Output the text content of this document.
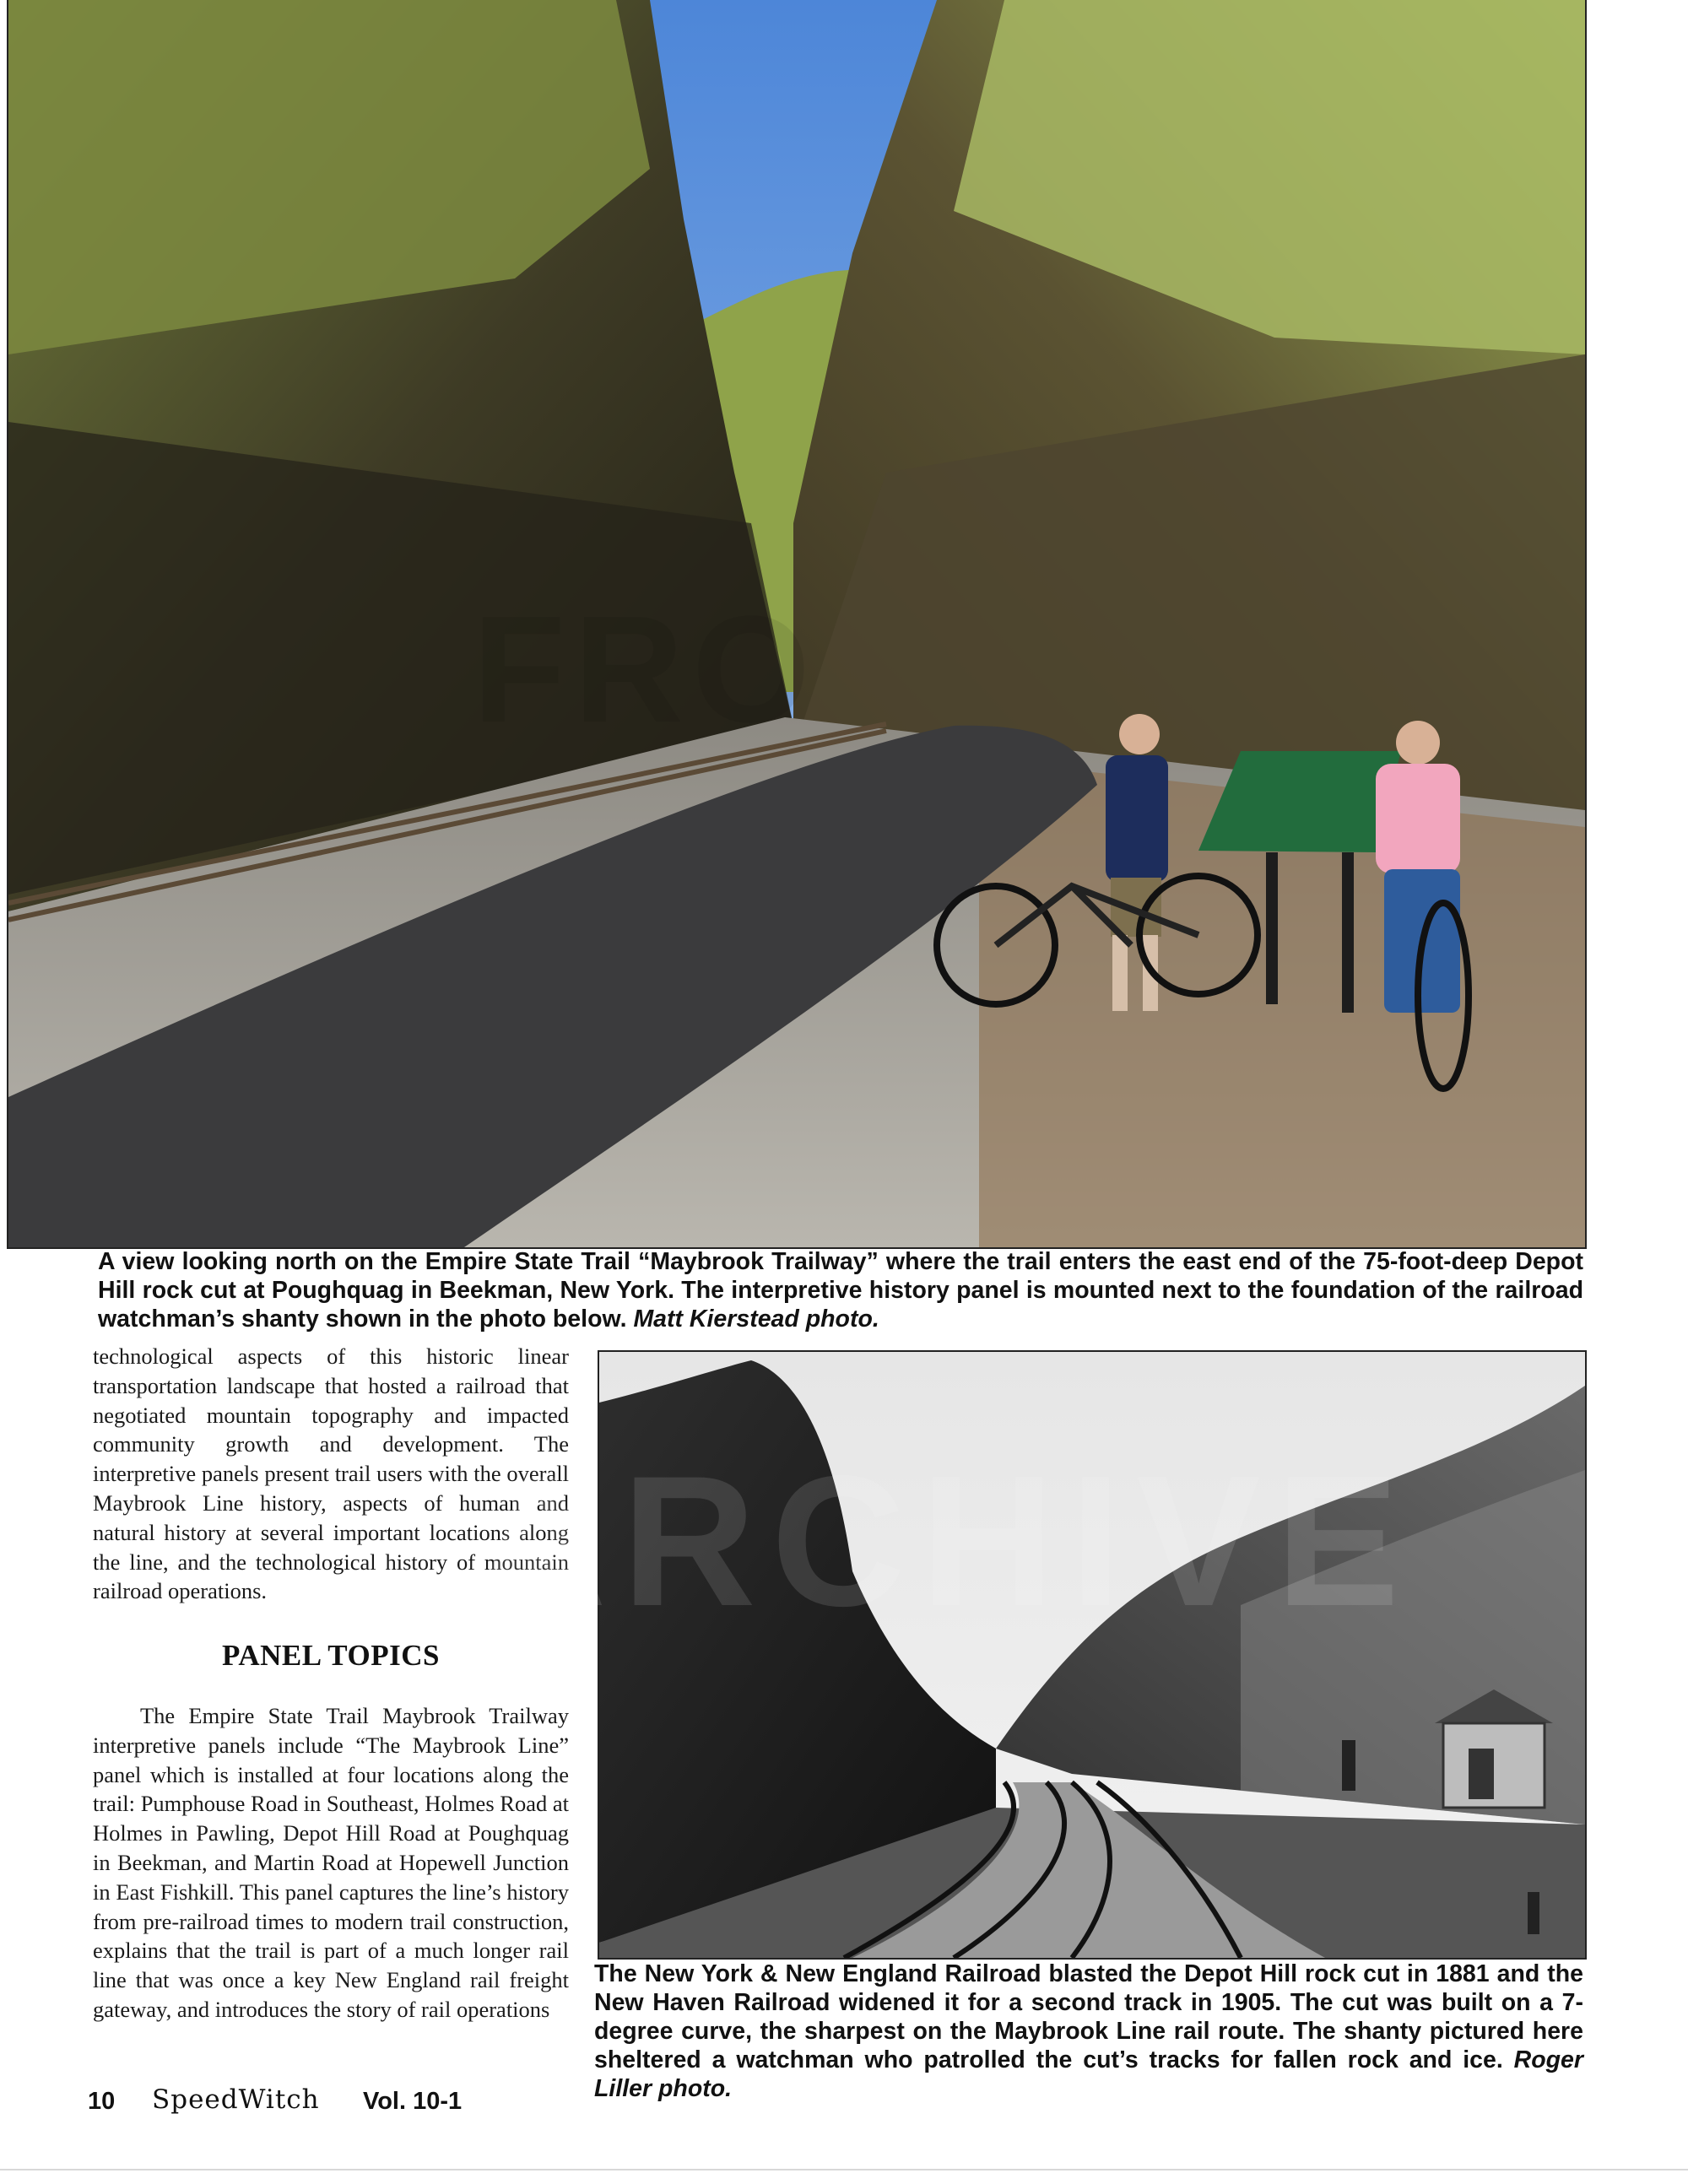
A view looking north on the Empire State Trail “Maybrook Trailway” where the trail enters the east end of the 75-foot-deep Depot Hill rock cut at Poughquag in Beekman, New York. The interpretive history panel is mounted next to the foundation of the railroad watchman’s shanty shown in the photo below. Matt Kierstead photo.

technological aspects of this historic linear transportation landscape that hosted a railroad that negotiated mountain topography and impacted community growth and development. The interpretive panels present trail users with the overall Maybrook Line history, aspects of human and natural history at several important locations along the line, and the technological history of mountain railroad operations.

PANEL TOPICS

The Empire State Trail Maybrook Trailway interpretive panels include “The Maybrook Line” panel which is installed at four locations along the trail: Pumphouse Road in Southeast, Holmes Road at Holmes in Pawling, Depot Hill Road at Poughquag in Beekman, and Martin Road at Hopewell Junction in East Fishkill. This panel captures the line’s history from pre-railroad times to modern trail construction, explains that the trail is part of a much longer rail line that was once a key New England rail freight gateway, and introduces the story of rail operations

The New York & New England Railroad blasted the Depot Hill rock cut in 1881 and the New Haven Railroad widened it for a second track in 1905. The cut was built on a 7-degree curve, the sharpest on the Maybrook Line rail route. The shanty pictured here sheltered a watchman who patrolled the cut’s tracks for fallen rock and ice. Roger Liller photo.
10 SpeedWitch Vol. 10-1
